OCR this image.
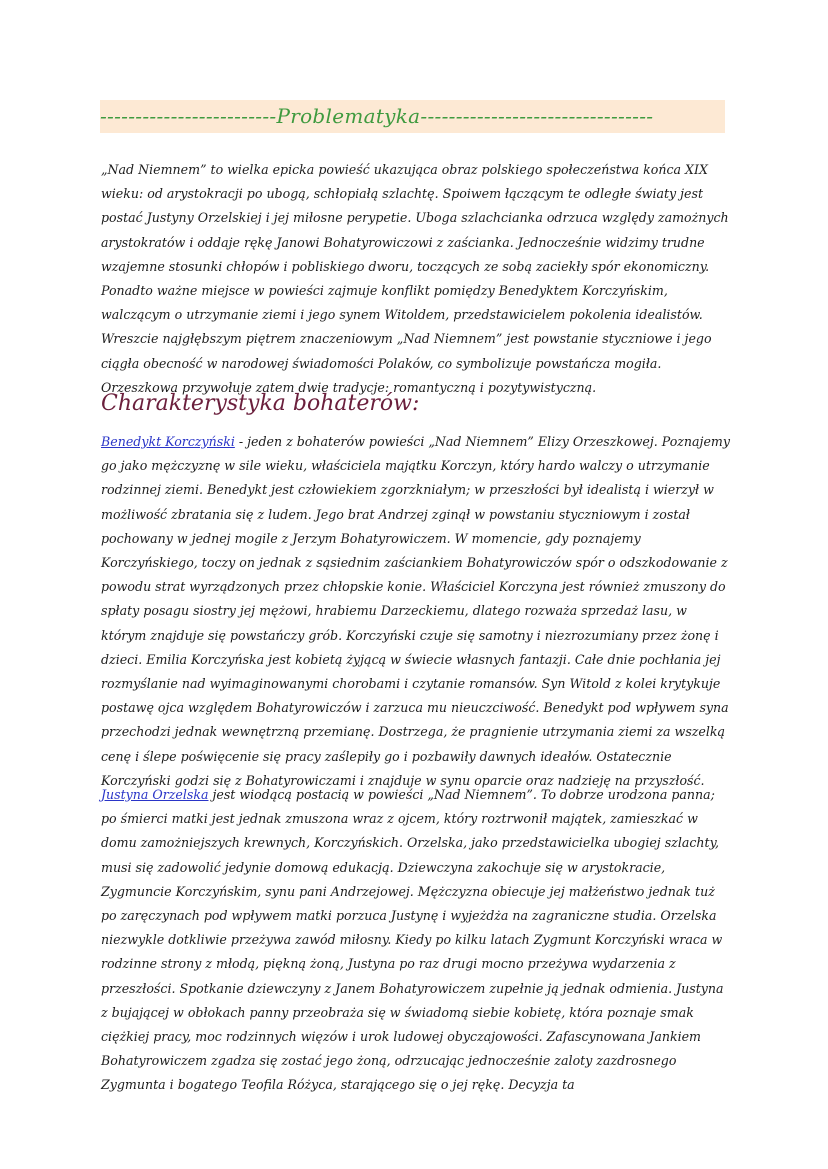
-------------------------Problematyka---------------------------------

„Nad Niemnem” to wielka epicka powieść ukazująca obraz polskiego społeczeństwa końca XIX wieku: od arystokracji po ubogą, schłopiałą szlachtę. Spoiwem łączącym te odległe światy jest postać Justyny Orzelskiej i jej miłosne perypetie. Uboga szlachcianka odrzuca względy zamożnych arystokratów i oddaje rękę Janowi Bohatyrowiczowi z zaścianka. Jednocześnie widzimy trudne wzajemne stosunki chłopów i pobliskiego dworu, toczących ze sobą zaciekły spór ekonomiczny. Ponadto ważne miejsce w powieści zajmuje konflikt pomiędzy Benedyktem Korczyńskim, walczącym o utrzymanie ziemi i jego synem Witoldem, przedstawicielem pokolenia idealistów. Wreszcie najgłębszym piętrem znaczeniowym „Nad Niemnem” jest powstanie styczniowe i jego ciągła obecność w narodowej świadomości Polaków, co symbolizuje powstańcza mogiła. Orzeszkowa przywołuje zatem dwie tradycje: romantyczną i pozytywistyczną.

Charakterystyka bohaterów:

Benedykt Korczyński - jeden z bohaterów powieści „Nad Niemnem” Elizy Orzeszkowej. Poznajemy go jako mężczyznę w sile wieku, właściciela majątku Korczyn, który hardo walczy o utrzymanie rodzinnej ziemi. Benedykt jest człowiekiem zgorzkniałym; w przeszłości był idealistą i wierzył w możliwość zbratania się z ludem. Jego brat Andrzej zginął w powstaniu styczniowym i został pochowany w jednej mogile z Jerzym Bohatyrowiczem. W momencie, gdy poznajemy Korczyńskiego, toczy on jednak z sąsiednim zaściankiem Bohatyrowiczów spór o odszkodowanie z powodu strat wyrządzonych przez chłopskie konie. Właściciel Korczyna jest również zmuszony do spłaty posagu siostry jej mężowi, hrabiemu Darzeckiemu, dlatego rozważa sprzedaż lasu, w którym znajduje się powstańczy grób. Korczyński czuje się samotny i niezrozumiany przez żonę i dzieci. Emilia Korczyńska jest kobietą żyjącą w świecie własnych fantazji. Całe dnie pochłania jej rozmyślanie nad wyimaginowanymi chorobami i czytanie romansów. Syn Witold z kolei krytykuje postawę ojca względem Bohatyrowiczów i zarzuca mu nieuczciwość. Benedykt pod wpływem syna przechodzi jednak wewnętrzną przemianę. Dostrzega, że pragnienie utrzymania ziemi za wszelką cenę i ślepe poświęcenie się pracy zaślepiły go i pozbawiły dawnych ideałów. Ostatecznie Korczyński godzi się z Bohatyrowiczami i znajduje w synu oparcie oraz nadzieję na przyszłość.

Justyna Orzelska jest wiodącą postacią w powieści „Nad Niemnem”. To dobrze urodzona panna; po śmierci matki jest jednak zmuszona wraz z ojcem, który roztrwonił majątek, zamieszkać w domu zamożniejszych krewnych, Korczyńskich. Orzelska, jako przedstawicielka ubogiej szlachty, musi się zadowolić jedynie domową edukacją. Dziewczyna zakochuje się w arystokracie, Zygmuncie Korczyńskim, synu pani Andrzejowej. Mężczyzna obiecuje jej małżeństwo jednak tuż po zaręczynach pod wpływem matki porzuca Justynę i wyjeżdża na zagraniczne studia. Orzelska niezwykle dotkliwie przeżywa zawód miłosny. Kiedy po kilku latach Zygmunt Korczyński wraca w rodzinne strony z młodą, piękną żoną, Justyna po raz drugi mocno przeżywa wydarzenia z przeszłości. Spotkanie dziewczyny z Janem Bohatyrowiczem zupełnie ją jednak odmienia. Justyna z bujającej w obłokach panny przeobraża się w świadomą siebie kobietę, która poznaje smak ciężkiej pracy, moc rodzinnych więzów i urok ludowej obyczajowości. Zafascynowana Jankiem Bohatyrowiczem zgadza się zostać jego żoną, odrzucając jednocześnie zaloty zazdrosnego Zygmunta i bogatego Teofila Różyca, starającego się o jej rękę. Decyzja ta
